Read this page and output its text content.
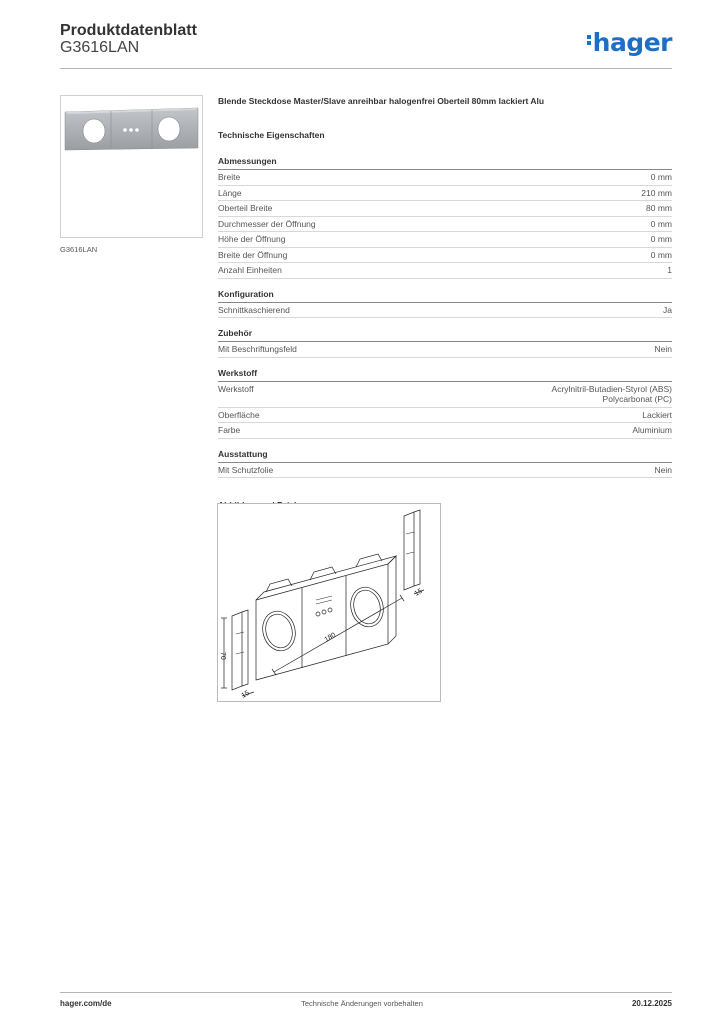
Produktdatenblatt
G3616LAN	hager
G3616LAN
Blende Steckdose Master/Slave anreihbar halogenfrei Oberteil 80mm lackiert Alu
Technische Eigenschaften
Abmessungen
Breite	0 mm
Länge	210 mm
Oberteil Breite	80 mm
Durchmesser der Öffnung	0 mm
Höhe der Öffnung	0 mm
Breite der Öffnung	0 mm
Anzahl Einheiten	1
Konfiguration
Schnittkaschierend	Ja
Zubehör
Mit Beschriftungsfeld	Nein
Werkstoff
Werkstoff	Acrylnitril-Butadien-Styrol (ABS)
Polycarbonat (PC)
Oberfläche	Lackiert
Farbe	Aluminium
Ausstattung
Mit Schutzfolie	Nein
70
180
15
15
hager.com/de	Technische Änderungen vorbehalten	20.12.2025
